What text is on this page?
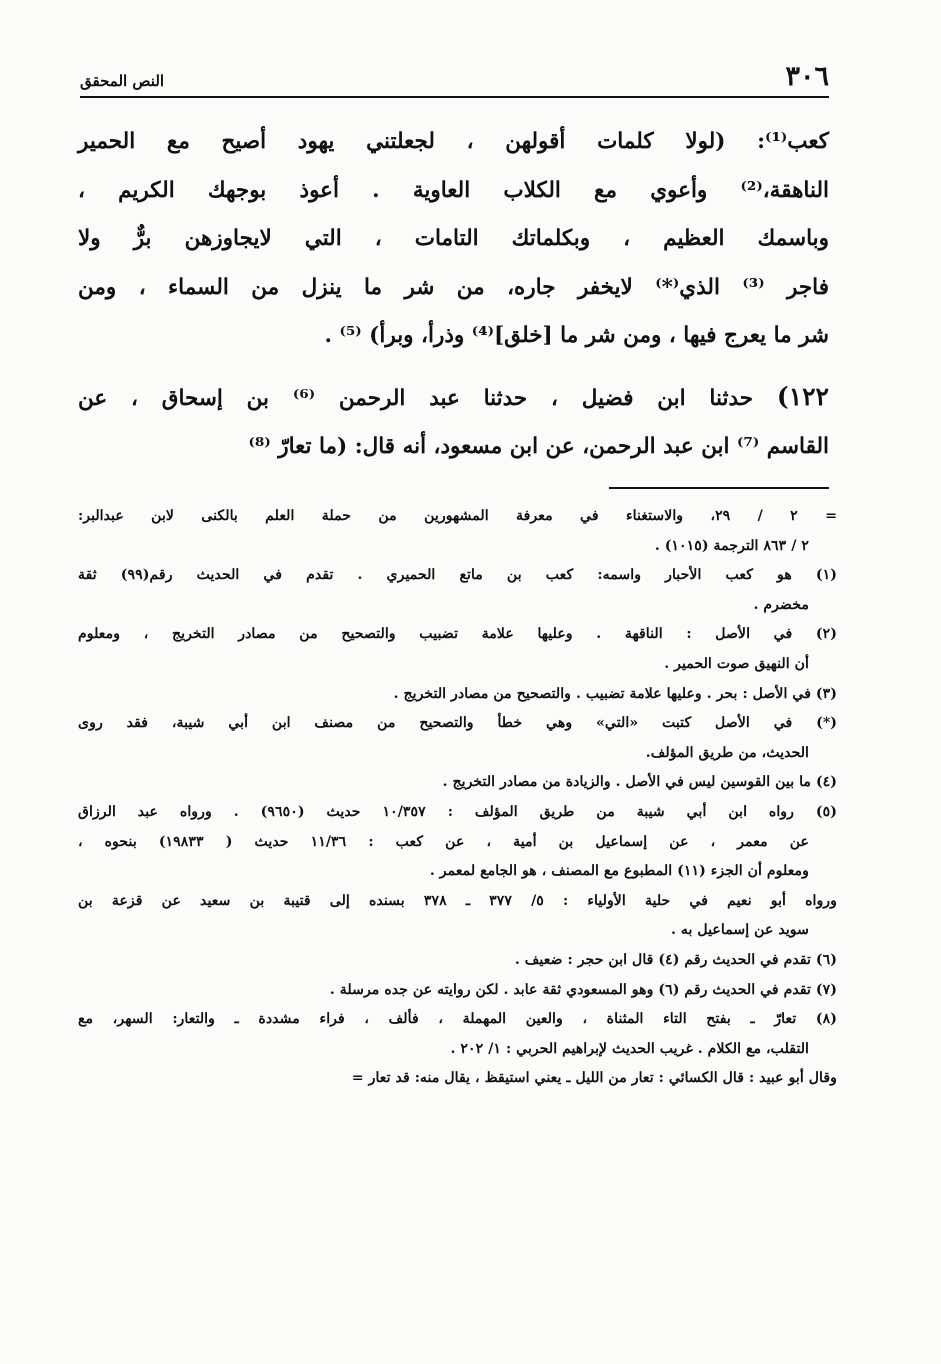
٣٠٦
النص المحقق
كعب⁽¹⁾: (لولا كلمات أقولهن ، لجعلتني يهود أصيح مع الحمير
الناهقة،⁽²⁾ وأعوي مع الكلاب العاوية . أعوذ بوجهك الكريم ،
وباسمك العظيم ، وبكلماتك التامات ، التي لايجاوزهن برٌّ ولا
فاجر ⁽³⁾ الذي⁽*⁾ لايخفر جاره، من شر ما ينزل من السماء ، ومن
شر ما يعرج فيها ، ومن شر ما [خلق]⁽⁴⁾ وذرأ، وبرأ) ⁽⁵⁾ .
١٢٢) حدثنا ابن فضيل ، حدثنا عبد الرحمن ⁽⁶⁾ بن إسحاق ، عن
القاسم ⁽⁷⁾ ابن عبد الرحمن، عن ابن مسعود، أنه قال: (ما تعارّ ⁽⁸⁾
= ٢ / ٢٩، والاستغناء في معرفة المشهورين من حملة العلم بالكنى لابن عبدالبر:
٢ / ٨٦٣ الترجمة (١٠١٥) .
(١) هو كعب الأحبار واسمه: كعب بن ماتع الحميري . تقدم في الحديث رقم(٩٩) ثقة
مخضرم .
(٢) في الأصل : الناقهة . وعليها علامة تضبيب والتصحيح من مصادر التخريج ، ومعلوم
أن النهيق صوت الحمير .
(٣) في الأصل : بحر . وعليها علامة تضبيب . والتصحيح من مصادر التخريج .
(*) في الأصل كتبت «التي» وهي خطأ والتصحيح من مصنف ابن أبي شيبة، فقد روى
الحديث، من طريق المؤلف.
(٤) ما بين القوسين ليس في الأصل . والزيادة من مصادر التخريج .
(٥) رواه ابن أبي شيبة من طريق المؤلف : ١٠/٣٥٧ حديث (٩٦٥٠) . ورواه عبد الرزاق
عن معمر ، عن إسماعيل بن أمية ، عن كعب : ١١/٣٦ حديث ( ١٩٨٣٣) بنحوه ،
ومعلوم أن الجزء (١١) المطبوع مع المصنف ، هو الجامع لمعمر .
ورواه أبو نعيم في حلية الأولياء : ٥/ ٣٧٧ ـ ٣٧٨ بسنده إلى قتيبة بن سعيد عن قزعة بن
سويد عن إسماعيل به .
(٦) تقدم في الحديث رقم (٤) قال ابن حجر : ضعيف .
(٧) تقدم في الحديث رقم (٦) وهو المسعودي ثقة عابد . لكن روايته عن جده مرسلة .
(٨) تعارّ ـ بفتح التاء المثناة ، والعين المهملة ، فألف ، فراء مشددة ـ والتعار: السهر، مع
التقلب، مع الكلام . غريب الحديث لإبراهيم الحربي : ١/ ٢٠٢ .
وقال أبو عبيد : قال الكسائي : تعار من الليل ـ يعني استيقظ ، يقال منه: قد تعار =
